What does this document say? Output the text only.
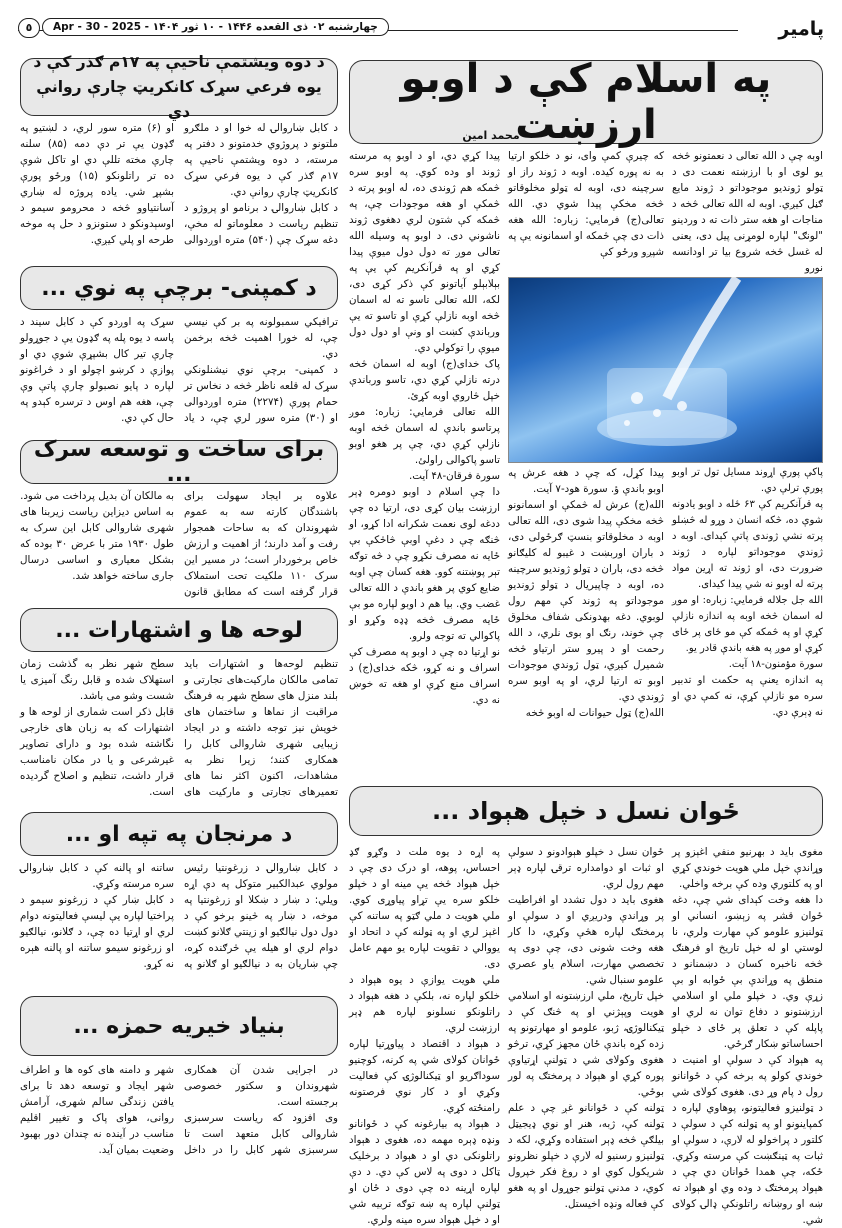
پامیر
چهارشنبه ۰۲ ذی القعده ۱۴۴۶ - ۱۰ ثور ۱۴۰۴ - Apr - 30 - 2025
٥
په اسلام کې د اوبو ارزښت
محمد امین

اوبه چې د الله تعالی د نعمتونو څخه یو لوی او با ارزښته نعمت دی د ټولو ژوندیو موجوداتو د ژوند مایع ګڼل کیږي. اوبه له الله تعالی څخه د مناجات او هغه ستر ذات ته د وردینو "لونګ" لپاره لومړنی پیل دی، یعنی له غسل څخه شروع بیا تر اودانسه نورو

که چیرې کمې وای، نو د خلکو ارتیا به نه پوره کیده. اوبه د ژوند راز او سرچینه دی، اوبه له ټولو مخلوقاتو څخه مخکې پیدا شوي دي. الله تعالی(ج) فرمایي: زباره: الله هغه ذات دی چې څمکه او اسمانونه یې په شپږو ورځو کې

پیدا کړي دي، او د اوبو په مرسته ژوند او وده کوي. په اوبو سره څمکه هم ژوندی ده، له اوبو پرته د څمکې او هغه موجودات چې، په څمکه کې شتون لري دهغوی ژوند ناشوني دی. د اوبو په وسیله الله تعالی موږ ته دول دول میوې پیدا کړي او په قرآنکریم کې یې په بېلابېلو آیاتونو کې ذکر کړی دی، لکه، الله تعالی تاسو ته له اسمان څخه اوبه نازلې کړې او تاسو ته یې ورباندې کښت او ونې او دول دول میوې را توکولي دي.
پاک خدای(ج) اوبه له اسمان څخه درته نازلي کړي دي، تاسو ورباندې خپل څاروي اوبه کړئ.
الله تعالی فرمایي: زباره: موږ پرتاسو باندې له اسمان څخه اوبه نازلې کړې دي، چې پر هغو اوبو تاسو پاکوالی راولئ.
سورة فرقان-۴۸ آیت.
دا چې اسلام د اوبو دومره ډېر ارزښت بیان کړی دی، ارتیا ده چې ددغه لوی نعمت شکرانه ادا کړو، او څنګه چې د دغې اوبې څاڅکې بې ځایه نه مصرف نکړو چې د څه توګه تېر پوښتنه کوو. هغه کسان چې اوبه ضایع کوي پر هغو باندې د الله تعالی غضب وي. بیا هم د اوبو لپاره مو بې ځایه مصرف څخه ډډه وکړو او پاکوالي ته توجه ولرو.
نو اړتیا ده چې د اوبو په مصرف کې اسراف و نه کړو، څکه خدای(ج) د اسراف منع کړې او هغه ته خوښ نه دي.

پاکې پورې اړوند مسایل تول تر اوبو پورې ترلې دي.
په قرآنکریم کې ۶۳ ځله د اوبو یادونه شوې ده، څکه انسان د وړو له څښلو پرته نشي ژوندی پاتې کېدای. اوبه د ژوندي موجوداتو لپاره د ژوند ضرورت دی، او ژوند ته اړین مواد پرته له اوبو نه شي پیدا کیدای.
الله جل جلاله فرمایي: زباره: او موږ له اسمان څخه اوبه په اندازه نازلې کړې او په څمکه کې مو ځای پر ځای کړې او موږ په هغه باندې قادر یو.
سورة مؤمنون-۱۸ آیت.
په اندازه یعنې په حکمت او تدبیر سره مو نازلې کړې، نه کمې دي او نه ډېرې دي.

پیدا کړل، که چې د هغه عرش په اوبو باندې ؤ. سورة هود-۷ آیت.
الله(ج) عرش له څمکې او اسمانونو څخه مخکې پیدا شوی دی، الله تعالی اوبه د مخلوقاتو بنسټ ګرځولی دی، د باران اوربښت د غیبو له کلیګانو څخه دی، باران د ټولو ژوندیو سرچینه ده، اوبه د چاپیریال د ټولو ژوندیو موجوداتو په ژوند کې مهم رول لوبوي. دغه بهدونکی شفاف مخلوق چې خوند، رنګ او بوی نلري، د الله رحمت او د پیرو ستر ارتیاو څخه شمیرل کیږي، ټول ژوندي موجودات اوبو ته ارتیا لري، او په اوبو سره ژوندي دي.
الله(ج) ټول حیوانات له اوبو څخه

د دوه ویشتمې ناحیې په ۱۷م ګذر کې د یوه فرعي سړک کانکریټ چارې روانې دي

د کابل ښاروالۍ له خوا او د ملګرو ملتونو د پروژوي خدمتونو د دفتر په مرسته، د دوه ویشتمې ناحیې په ۱۷م ګذر کې د یوه فرعي سړک کانکریټ چارې روانې دي.
د کابل ښاروالۍ د برنامو او پروژو د تنظیم ریاست د معلوماتو له مخې، دغه سړک چې (۵۴۰) متره اوږدوالی او (۶) متره سور لري، د لښتیو په ګډون یې تر دې دمه (۸۵) سلنه چارې مخته تللې دي او تاکل شوې ده تر راتلونکو (۱۵) ورځو پورې بشپړ شي. یاده پروژه له ښاري آسانتیاوو څخه د محرومو سیمو د اوسېدونکو د ستونزو د حل په موخه طرحه او پلي کیږي.

د کمپنی- برچې په نوي ...

ترافیکي سمبولونه په بر کې نیسي چې، له خورا اهمیت څخه برخمن دي.
د کمپنی- برچې نوي نیشنلونکي سړک له قلعه ناظر څخه د نخاس تر حمام پورې (۲۲۷۴) متره اوږدوالی او (۳۰) متره سور لري چې، د یاد سړک په اوږدو کې د کابل سیند د پاسه د یوه پله په ګډون یې د جوړولو چارې تیر کال بشپړې شوې دي او پوازې د کرښو اچولو او د څراغونو لپاره د پایو نصبولو چارې پاتې وې چې، هغه هم اوس د ترسره کېدو په حال کې دي.

برای ساخت و توسعه سرک ...

علاوه بر ایجاد سهولت برای باشندگان کارته سه به عموم شهروندان که به ساحات همجوار رفت و آمد دارند؛ از اهمیت و ارزش خاص برخوردار است؛ در مسیر این سرک ۱۱۰ ملکیت تحت استملاک قرار گرفته است که مطابق قانون به مالکان آن بدیل پرداخت می شود.
به اساس دیزاین ریاست زیربنا های شهری شاروالی کابل این سرک به طول ۱۹۳۰ متر با عرض ۳۰ بوده که بشکل معیاری و اساسی درسال جاری ساخته خواهد شد.

لوحه ها و اشتهارات ...

تنظیم لوحه‌ها و اشتهارات باید تمامی مالکان مارکیت‌های تجارتی و بلند منزل های سطح شهر به فرهنگ مراقبت از نماها و ساختمان های خویش نیز توجه داشته و در ایجاد زیبایی شهری شاروالی کابل را همکاری کنند؛ زیرا نظر به مشاهدات، اکنون اکثر نما های تعمیرهای تجارتی و مارکیت های سطح شهر نظر به گذشت زمان استهلاک شده و قابل رنگ آمیزی یا شست وشو می باشد.
قابل ذکر است شماری از لوحه ها و اشتهارات که به زبان های خارجی نگاشته شده بود و دارای تصاویر غیرشرعی و یا در مکان نامناسب قرار داشت، تنظیم و اصلاح گردیده است.

د مرنجان په تپه او ...

د کابل ښاروالۍ د زرغونتیا رئیس مولوي عبدالکبیر متوکل په دې اړه ویلي: د ښار د ښکلا او زرغونتیا په موخه، د ښار په څینو برخو کې د دول دول نیالګیو او زینتي ګلانو کښت دوام لري او هیله یې څرګنده کړه، چې ښاریان به د نیالګیو او ګلانو په ساتنه او پالنه کې د کابل ښاروالۍ سره مرسته وکړي.
د کابل ښار کې د زرغونو سیمو د پراختیا لپاره یې لیسې فعالیتونه دوام لري او اړتیا ده چې، د ګلانو، نیالګیو او زرغونو سیمو ساتنه او پالنه هېره نه کړو.

بنیاد خیریه حمزه ...

در اجرایی شدن آن همکاری شهروندان و سکتور خصوصی برجسته است.
وی افزود که ریاست سرسبزی شاروالی کابل متعهد است تا سرسبزی شهر کابل را در داخل شهر و دامنه های کوه ها و اطراف شهر ایجاد و توسعه دهد تا برای یافتن زندگی سالم شهری، آرامش روانی، هوای پاک و تغییر اقلیم مناسب در آینده نه چندان دور بهبود وضعیت بمیان آید.

ځوان نسل د خپل هېواد ...

مغوی باید د بهرنیو منفي اغېزو پر وړاندې خپل ملي هویت خوندي کړي او په کلتوري وده کې برخه واخلي.
دا هغه وخت کېدای شي چې، دغه ځوان قشر په زېښو، انساني او ټولنیزو علومو کې مهارت ولري، نا لوستي او له خپل تاریخ او فرهنګ څخه ناخبره کسان د دښمنانو د منطق په وړاندې بې ځوابه او بې زړې وي. د خپلو ملي او اسلامي ارزښتونو د دفاع توان نه لري او پاپله کې د تعلق پر ځای د خپلو احساساتو ښکار ګرځي.
په هېواد کې د سولې او امنیت د خوندي کولو په برخه کې د ځوانانو رول د پام وړ دی. هغوی کولای شي د ټولنیزو فعالیتونو، پوهاوي لپاره د کمپاینونو او په ټولنه کې د سولې د کلتور د پراخولو له لارې، د سولې او ثبات په ټینګښت کې مرسته وکړي. ځکه، چې همدا ځوانان دي چې د هېواد پرمختګ د وده وي او هېواد ته ښه او روښانه راتلونکې ډالۍ کولای شي.

ځوان نسل د خپلو هېوادونو د سولې او ثبات او دوامداره ترقۍ لپاره ډېر مهم رول لري.
هغوی باید د دول تشدد او افراطیت پر وړاندې ودریږي او د سولې او پرمختګ لپاره هڅې وکړي، دا کار هغه وخت شونی دی، چې دوی په تخصصي مهارت، اسلام یاو عصري علومو سنبال شي.
خپل تاریخ، ملي ارزښتونه او اسلامي هویت وپېژني او په څنګ کې د ټیکنالوژۍ، ژبو، علومو او مهارتونو په زده کړه باندې ځان مجهز کړي، ترڅو هغوی وکولای شي د ټولنې اړتیاوې پوره کړي او هېواد د پرمختګ په لور بوځي.
ټولنه کې د ځوانانو غږ چې د علم ټولنه کې، ژبه، هنر او نوي ډیجیټل بیلګې څخه ډېر استفاده وکړي، لکه د ټولنیزو رسنیو له لارې د خپلو نظرونو شریکول کوي او د روغ فکر خپرول کوي، د مدني ټولنو جوړول او په هغو کې فعاله ونډه اخیستل.

په اړه د یوه ملت د وګړو ګډ احساس، پوهه، او درک دی چې د خپل هېواد څخه یې مینه او د خپلو خلکو سره یې تړاو پیاوړی کوي. ملي هویت د ملي ګټو په ساتنه کې اغېز لري او په ټولنه کې د اتحاد او یووالي د تقویت لپاره یو مهم عامل دی.
ملي هویت یوازې د یوه هېواد د خلکو لپاره نه، بلکې د هغه هېواد د راتلونکو نسلونو لپاره هم ډېر ارزښت لري.
د هېواد د اقتصاد د پیاوړتیا لپاره ځوانان کولای شي په کرنه، کوچنیو سوداګریو او ټیکنالوژۍ کې فعالیت وکړي او د کار نوي فرصتونه رامنځته کړي.
د هېواد په بیارغونه کې د ځوانانو ونډه ډېره مهمه ده، هغوی د هېواد راتلونکی دي او د هېواد د برخلیک ټاکل د دوی په لاس کې دي. د دې لپاره اړینه ده چې دوی د ځان او ټولنې لپاره په ښه توګه تربیه شي او د خپل هېواد سره مینه ولري.
